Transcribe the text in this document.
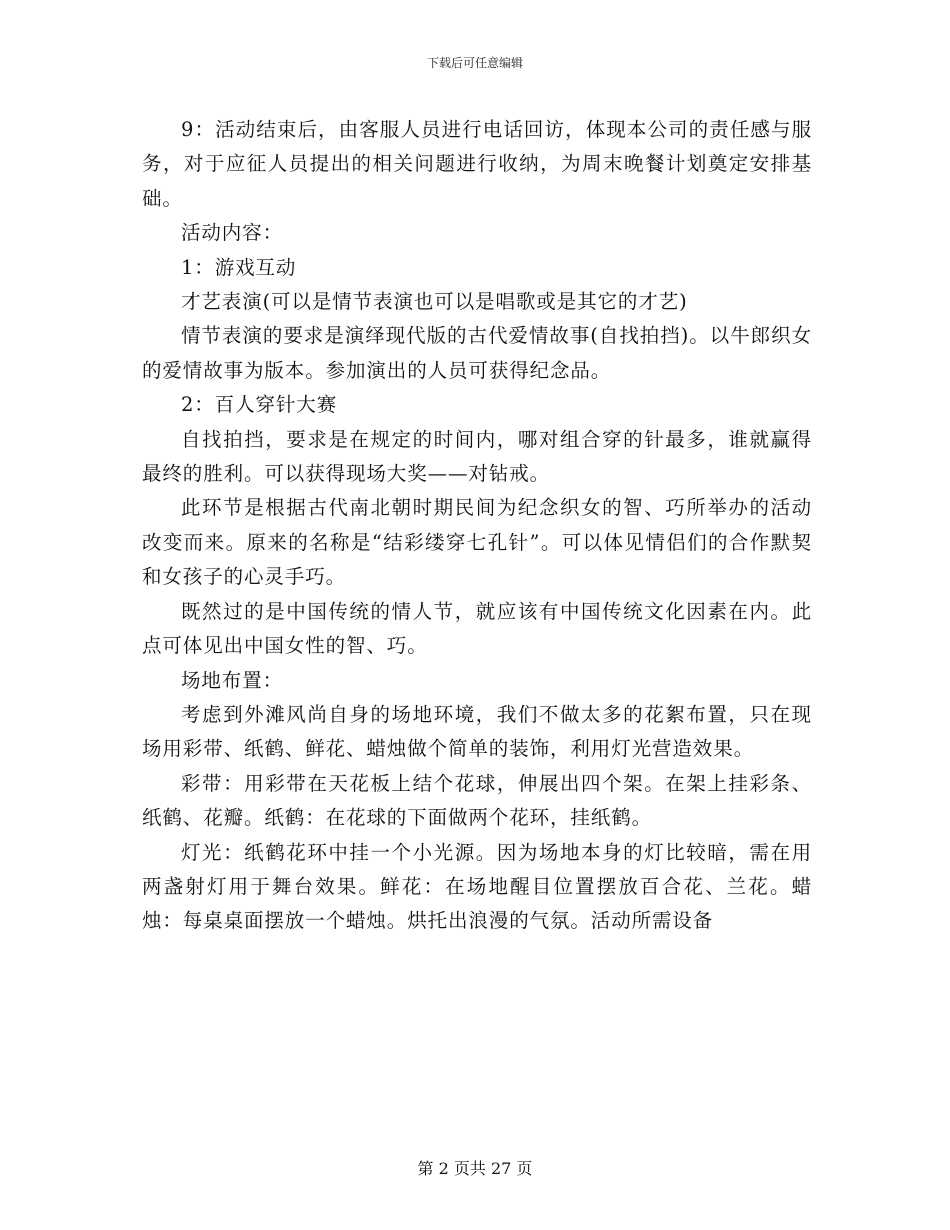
下载后可任意编辑

9：活动结束后，由客服人员进行电话回访，体现本公司的责任感与服务，对于应征人员提出的相关问题进行收纳，为周末晚餐计划奠定安排基础。

活动内容：

1：游戏互动

才艺表演(可以是情节表演也可以是唱歌或是其它的才艺)

情节表演的要求是演绎现代版的古代爱情故事(自找拍挡)。以牛郎织女的爱情故事为版本。参加演出的人员可获得纪念品。

2：百人穿针大赛

自找拍挡，要求是在规定的时间内，哪对组合穿的针最多，谁就赢得最终的胜利。可以获得现场大奖——对钻戒。

此环节是根据古代南北朝时期民间为纪念织女的智、巧所举办的活动改变而来。原来的名称是“结彩缕穿七孔针”。可以体见情侣们的合作默契和女孩子的心灵手巧。

既然过的是中国传统的情人节，就应该有中国传统文化因素在内。此点可体见出中国女性的智、巧。

场地布置：

考虑到外滩风尚自身的场地环境，我们不做太多的花絮布置，只在现场用彩带、纸鹤、鲜花、蜡烛做个简单的装饰，利用灯光营造效果。

彩带：用彩带在天花板上结个花球，伸展出四个架。在架上挂彩条、纸鹤、花瓣。纸鹤：在花球的下面做两个花环，挂纸鹤。

灯光：纸鹤花环中挂一个小光源。因为场地本身的灯比较暗，需在用两盏射灯用于舞台效果。鲜花：在场地醒目位置摆放百合花、兰花。蜡烛：每桌桌面摆放一个蜡烛。烘托出浪漫的气氛。活动所需设备

第 2 页共 27 页
